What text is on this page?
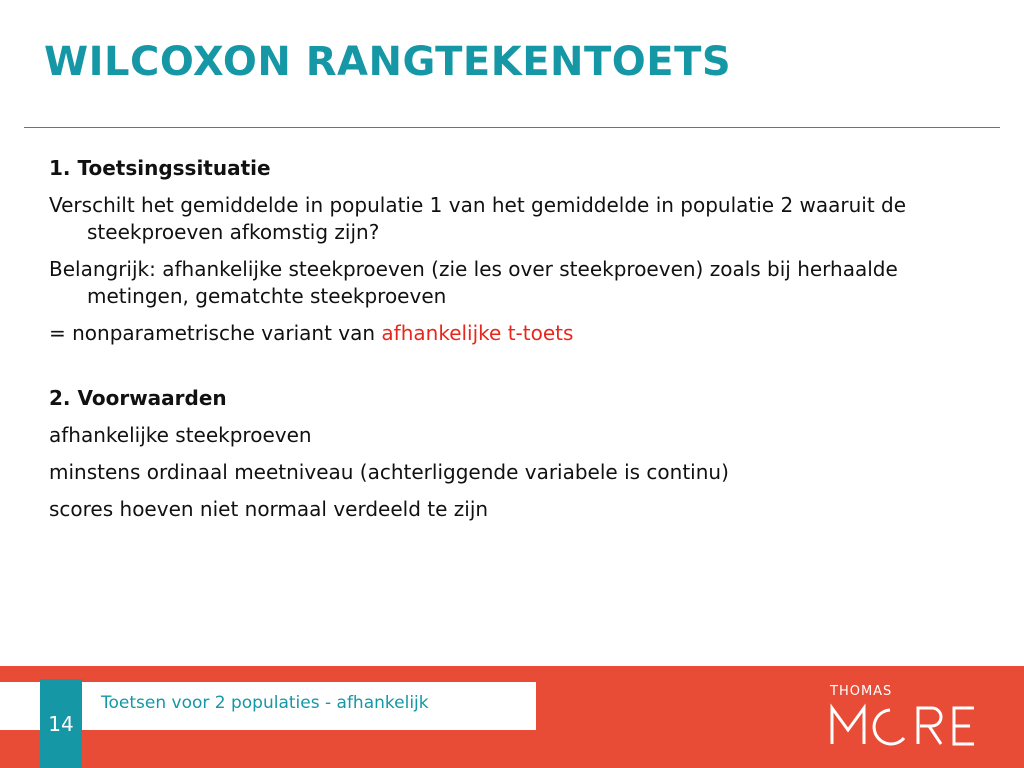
WILCOXON RANGTEKENTOETS

1. Toetsingssituatie

Verschilt het gemiddelde in populatie 1 van het gemiddelde in populatie 2 waaruit de steekproeven afkomstig zijn?

Belangrijk: afhankelijke steekproeven (zie les over steekproeven) zoals bij herhaalde metingen, gematchte steekproeven

= nonparametrische variant van afhankelijke t-toets

2. Voorwaarden

afhankelijke steekproeven

minstens ordinaal meetniveau (achterliggende variabele is continu)

scores hoeven niet normaal verdeeld te zijn

Toetsen voor 2 populaties - afhankelijk
14
THOMAS
